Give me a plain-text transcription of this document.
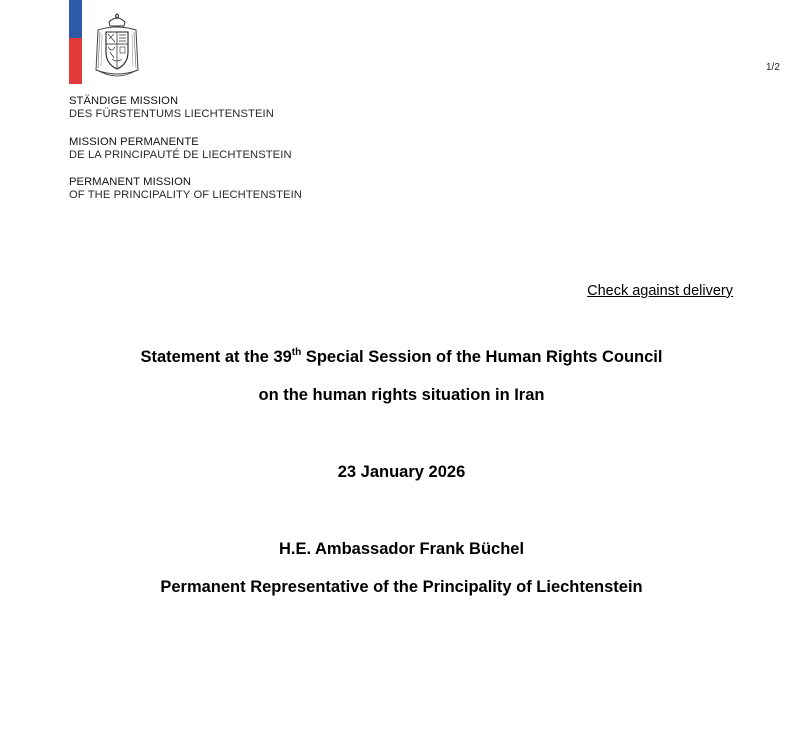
1/2
STÄNDIGE MISSION
DES FÜRSTENTUMS LIECHTENSTEIN
MISSION PERMANENTE
DE LA PRINCIPAUTÉ DE LIECHTENSTEIN
PERMANENT MISSION
OF THE PRINCIPALITY OF LIECHTENSTEIN
Check against delivery
Statement at the 39th Special Session of the Human Rights Council
on the human rights situation in Iran
23 January 2026
H.E. Ambassador Frank Büchel
Permanent Representative of the Principality of Liechtenstein
